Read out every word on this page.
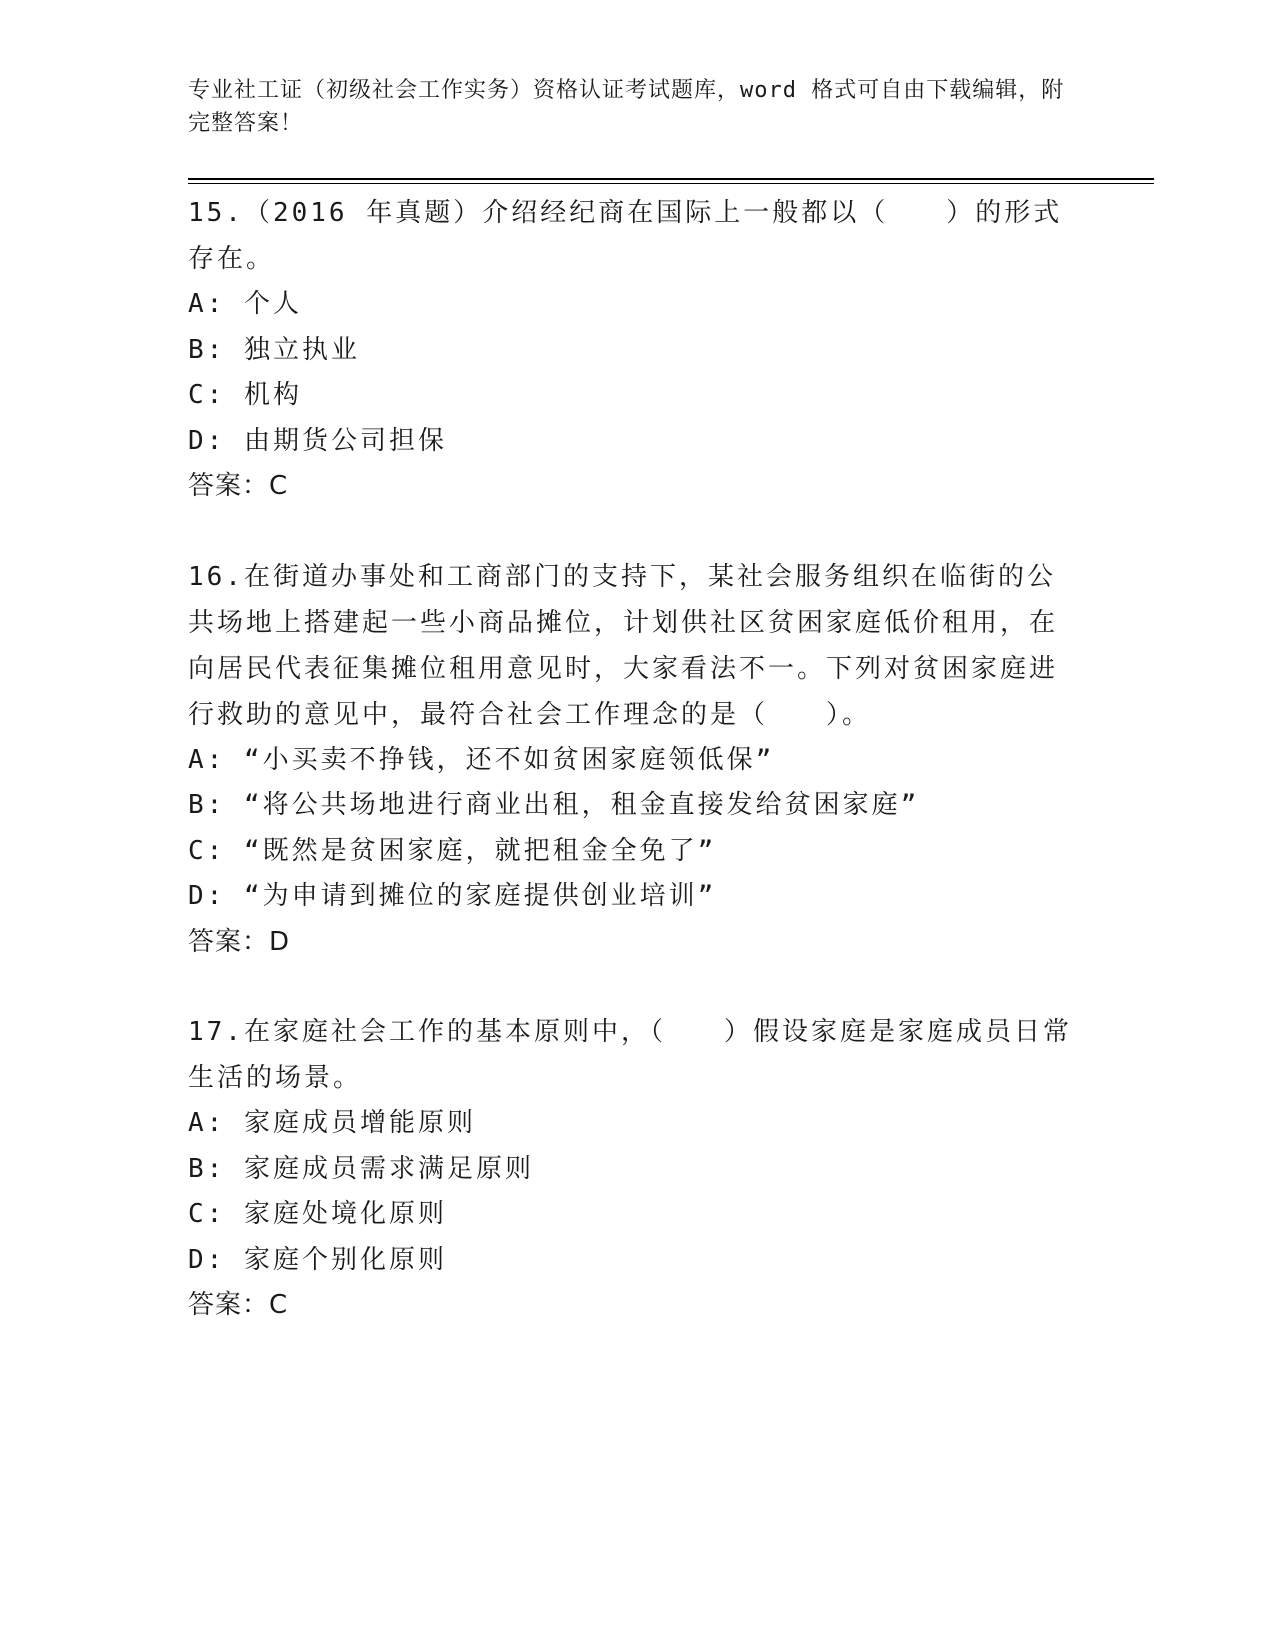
专业社工证（初级社会工作实务）资格认证考试题库，word 格式可自由下载编辑，附完整答案！

15.（2016 年真题）介绍经纪商在国际上一般都以（　　）的形式存在。

A: 个人

B: 独立执业

C: 机构

D: 由期货公司担保

答案：C

16.在街道办事处和工商部门的支持下，某社会服务组织在临街的公共场地上搭建起一些小商品摊位，计划供社区贫困家庭低价租用，在向居民代表征集摊位租用意见时，大家看法不一。下列对贫困家庭进行救助的意见中，最符合社会工作理念的是（　　）。

A: “小买卖不挣钱，还不如贫困家庭领低保”

B: “将公共场地进行商业出租，租金直接发给贫困家庭”

C: “既然是贫困家庭，就把租金全免了”

D: “为申请到摊位的家庭提供创业培训”

答案：D

17.在家庭社会工作的基本原则中，（　　）假设家庭是家庭成员日常生活的场景。

A: 家庭成员增能原则

B: 家庭成员需求满足原则

C: 家庭处境化原则

D: 家庭个别化原则

答案：C
